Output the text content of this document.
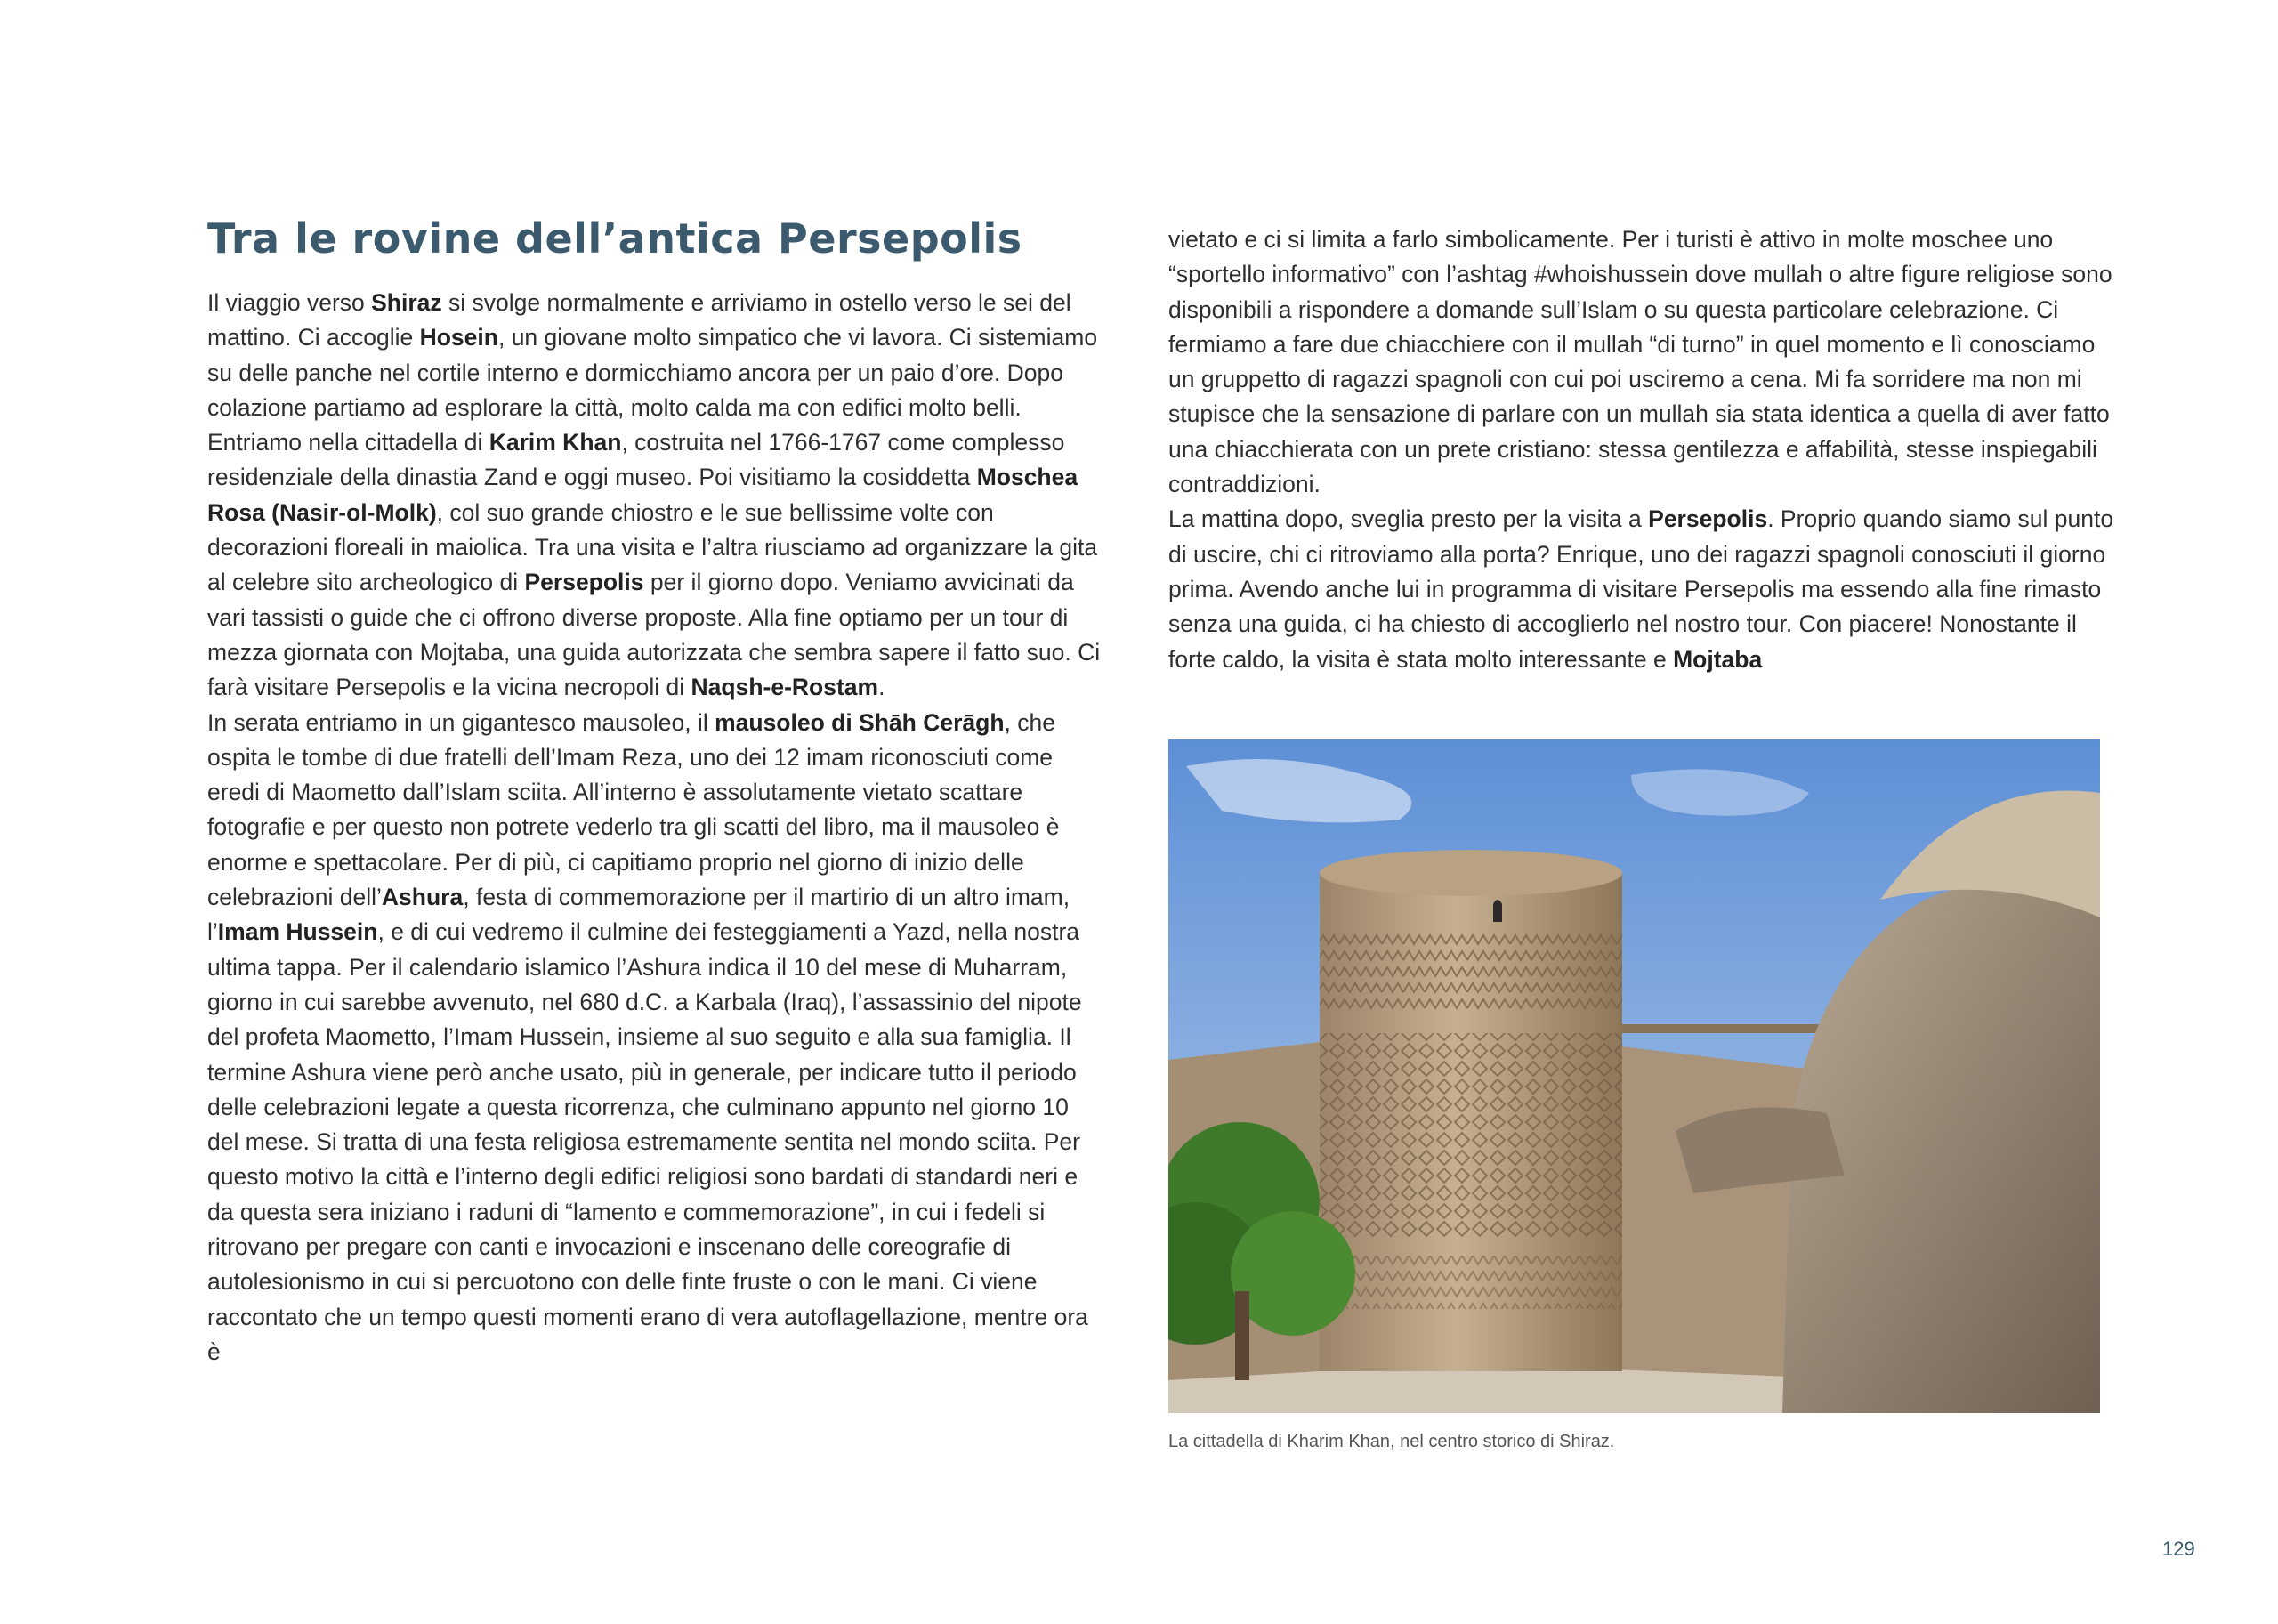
Tra le rovine dell’antica Persepolis

Il viaggio verso Shiraz si svolge normalmente e arriviamo in ostello verso le sei del mattino. Ci accoglie Hosein, un giovane molto simpatico che vi lavora. Ci sistemiamo su delle panche nel cortile interno e dormicchiamo ancora per un paio d’ore. Dopo colazione partiamo ad esplorare la città, molto calda ma con edifici molto belli. Entriamo nella cittadella di Karim Khan, costruita nel 1766-1767 come complesso residenziale della dinastia Zand e oggi museo. Poi visitiamo la cosiddetta Moschea Rosa (Nasir-ol-Molk), col suo grande chiostro e le sue bellissime volte con decorazioni floreali in maiolica. Tra una visita e l’altra riusciamo ad organizzare la gita al celebre sito archeologico di Persepolis per il giorno dopo. Veniamo avvicinati da vari tassisti o guide che ci offrono diverse proposte. Alla fine optiamo per un tour di mezza giornata con Mojtaba, una guida autorizzata che sembra sapere il fatto suo. Ci farà visitare Persepolis e la vicina necropoli di Naqsh-e-Rostam.

In serata entriamo in un gigantesco mausoleo, il mausoleo di Shāh Cerāgh, che ospita le tombe di due fratelli dell’Imam Reza, uno dei 12 imam riconosciuti come eredi di Maometto dall’Islam sciita. All’interno è assolutamente vietato scattare fotografie e per questo non potrete vederlo tra gli scatti del libro, ma il mausoleo è enorme e spettacolare. Per di più, ci capitiamo proprio nel giorno di inizio delle celebrazioni dell’Ashura, festa di commemorazione per il martirio di un altro imam, l’Imam Hussein, e di cui vedremo il culmine dei festeggiamenti a Yazd, nella nostra ultima tappa. Per il calendario islamico l’Ashura indica il 10 del mese di Muharram, giorno in cui sarebbe avvenuto, nel 680 d.C. a Karbala (Iraq), l’assassinio del nipote del profeta Maometto, l’Imam Hussein, insieme al suo seguito e alla sua famiglia. Il termine Ashura viene però anche usato, più in generale, per indicare tutto il periodo delle celebrazioni legate a questa ricorrenza, che culminano appunto nel giorno 10 del mese. Si tratta di una festa religiosa estremamente sentita nel mondo sciita. Per questo motivo la città e l’interno degli edifici religiosi sono bardati di standardi neri e da questa sera iniziano i raduni di “lamento e commemorazione”, in cui i fedeli si ritrovano per pregare con canti e invocazioni e inscenano delle coreografie di autolesionismo in cui si percuotono con delle finte fruste o con le mani. Ci viene raccontato che un tempo questi momenti erano di vera autoflagellazione, mentre ora è

vietato e ci si limita a farlo simbolicamente. Per i turisti è attivo in molte moschee uno “sportello informativo” con l’ashtag #whoishussein dove mullah o altre figure religiose sono disponibili a rispondere a domande sull’Islam o su questa particolare celebrazione. Ci fermiamo a fare due chiacchiere con il mullah “di turno” in quel momento e lì conosciamo un gruppetto di ragazzi spagnoli con cui poi usciremo a cena. Mi fa sorridere ma non mi stupisce che la sensazione di parlare con un mullah sia stata identica a quella di aver fatto una chiacchierata con un prete cristiano: stessa gentilezza e affabilità, stesse inspiegabili contraddizioni.

La mattina dopo, sveglia presto per la visita a Persepolis. Proprio quando siamo sul punto di uscire, chi ci ritroviamo alla porta? Enrique, uno dei ragazzi spagnoli conosciuti il giorno prima. Avendo anche lui in programma di visitare Persepolis ma essendo alla fine rimasto senza una guida, ci ha chiesto di accoglierlo nel nostro tour. Con piacere! Nonostante il forte caldo, la visita è stata molto interessante e Mojtaba

La cittadella di Kharim Khan, nel centro storico di Shiraz.

129
